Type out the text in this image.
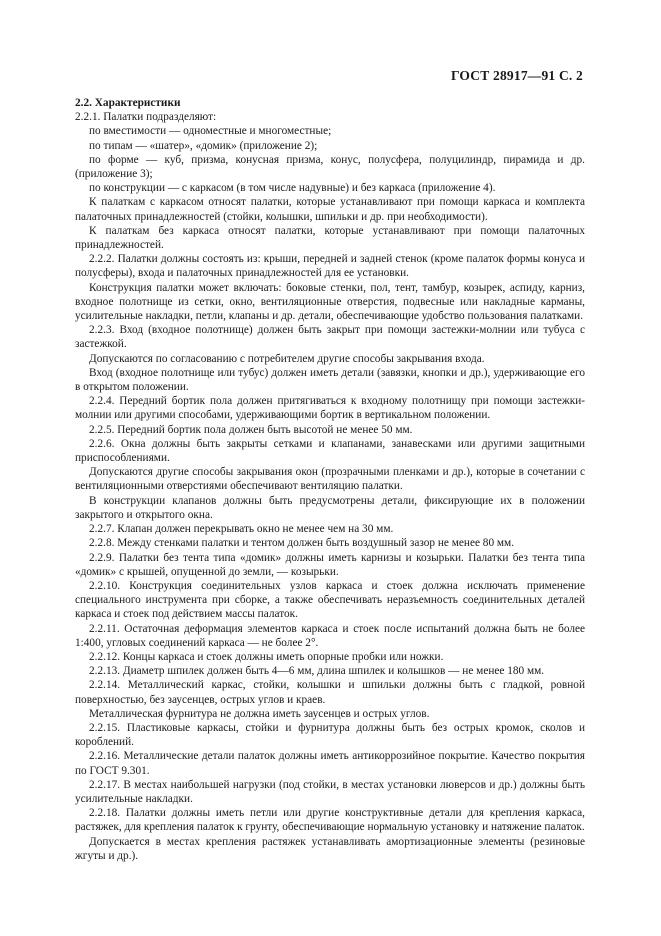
ГОСТ 28917—91 С. 2

2.2. Характеристики

2.2.1. Палатки подразделяют:

по вместимости — одноместные и многоместные;

по типам — «шатер», «домик» (приложение 2);

по форме — куб, призма, конусная призма, конус, полусфера, полуцилиндр, пирамида и др. (приложение 3);

по конструкции — с каркасом (в том числе надувные) и без каркаса (приложение 4).

К палаткам с каркасом относят палатки, которые устанавливают при помощи каркаса и комплекта палаточных принадлежностей (стойки, колышки, шпильки и др. при необходимости).

К палаткам без каркаса относят палатки, которые устанавливают при помощи палаточных принадлежностей.

2.2.2. Палатки должны состоять из: крыши, передней и задней стенок (кроме палаток формы конуса и полусферы), входа и палаточных принадлежностей для ее установки.

Конструкция палатки может включать: боковые стенки, пол, тент, тамбур, козырек, аспиду, карниз, входное полотнище из сетки, окно, вентиляционные отверстия, подвесные или накладные карманы, усилительные накладки, петли, клапаны и др. детали, обеспечивающие удобство пользования палатками.

2.2.3. Вход (входное полотнище) должен быть закрыт при помощи застежки-молнии или тубуса с застежкой.

Допускаются по согласованию с потребителем другие способы закрывания входа.

Вход (входное полотнище или тубус) должен иметь детали (завязки, кнопки и др.), удерживающие его в открытом положении.

2.2.4. Передний бортик пола должен притягиваться к входному полотнищу при помощи застежки-молнии или другими способами, удерживающими бортик в вертикальном положении.

2.2.5. Передний бортик пола должен быть высотой не менее 50 мм.

2.2.6. Окна должны быть закрыты сетками и клапанами, занавесками или другими защитными приспособлениями.

Допускаются другие способы закрывания окон (прозрачными пленками и др.), которые в сочетании с вентиляционными отверстиями обеспечивают вентиляцию палатки.

В конструкции клапанов должны быть предусмотрены детали, фиксирующие их в положении закрытого и открытого окна.

2.2.7. Клапан должен перекрывать окно не менее чем на 30 мм.

2.2.8. Между стенками палатки и тентом должен быть воздушный зазор не менее 80 мм.

2.2.9. Палатки без тента типа «домик» должны иметь карнизы и козырьки. Палатки без тента типа «домик» с крышей, опущенной до земли, — козырьки.

2.2.10. Конструкция соединительных узлов каркаса и стоек должна исключать применение специального инструмента при сборке, а также обеспечивать неразъемность соединительных деталей каркаса и стоек под действием массы палаток.

2.2.11. Остаточная деформация элементов каркаса и стоек после испытаний должна быть не более 1:400, угловых соединений каркаса — не более 2°.

2.2.12. Концы каркаса и стоек должны иметь опорные пробки или ножки.

2.2.13. Диаметр шпилек должен быть 4—6 мм, длина шпилек и колышков — не менее 180 мм.

2.2.14. Металлический каркас, стойки, колышки и шпильки должны быть с гладкой, ровной поверхностью, без заусенцев, острых углов и краев.

Металлическая фурнитура не должна иметь заусенцев и острых углов.

2.2.15. Пластиковые каркасы, стойки и фурнитура должны быть без острых кромок, сколов и короблений.

2.2.16. Металлические детали палаток должны иметь антикоррозийное покрытие. Качество покрытия по ГОСТ 9.301.

2.2.17. В местах наибольшей нагрузки (под стойки, в местах установки люверсов и др.) должны быть усилительные накладки.

2.2.18. Палатки должны иметь петли или другие конструктивные детали для крепления каркаса, растяжек, для крепления палаток к грунту, обеспечивающие нормальную установку и натяжение палаток.

Допускается в местах крепления растяжек устанавливать амортизационные элементы (резиновые жгуты и др.).
